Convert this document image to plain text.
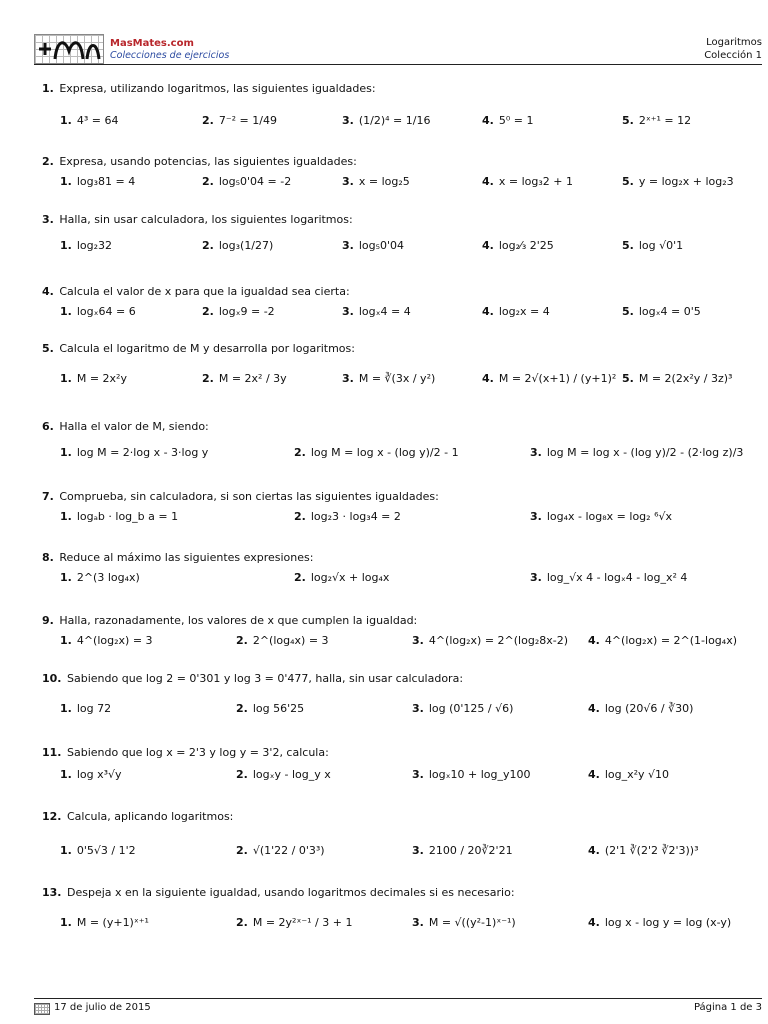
MasMates.com
Colecciones de ejercicios
Logaritmos
Colección 1
1. Expresa, utilizando logaritmos, las siguientes igualdades:
1. 4³ = 64	2. 7⁻² = 1/49	3. (1/2)⁴ = 1/16	4. 5⁰ = 1	5. 2ˣ⁺¹ = 12
2. Expresa, usando potencias, las siguientes igualdades:
1. log₃81 = 4	2. log₅0'04 = -2	3. x = log₂5	4. x = log₃2 + 1	5. y = log₂x + log₂3
3. Halla, sin usar calculadora, los siguientes logaritmos:
1. log₂32	2. log₃(1/27)	3. log₅0'04	4. log₂⁄₃ 2'25	5. log √0'1
4. Calcula el valor de x para que la igualdad sea cierta:
1. logₓ64 = 6	2. logₓ9 = -2	3. logₓ4 = 4	4. log₂x = 4	5. logₓ4 = 0'5
5. Calcula el logaritmo de M y desarrolla por logaritmos:
1. M = 2x²y	2. M = 2x² / 3y	3. M = ∛(3x / y²)	4. M = 2√(x+1) / (y+1)² 5. M = 2(2x²y / 3z)³
6. Halla el valor de M, siendo:
1. log M = 2·log x - 3·log y	2. log M = log x - (log y)/2 - 1	3. log M = log x - (log y)/2 - (2·log z)/3
7. Comprueba, sin calculadora, si son ciertas las siguientes igualdades:
1. logₐb · log_b a = 1	2. log₂3 · log₃4 = 2	3. log₄x - log₈x = log₂ ⁶√x
8. Reduce al máximo las siguientes expresiones:
1. 2^(3 log₄x)	2. log₂√x + log₄x	3. log_√x 4 - logₓ4 - log_x² 4
9. Halla, razonadamente, los valores de x que cumplen la igualdad:
1. 4^(log₂x) = 3	2. 2^(log₄x) = 3	3. 4^(log₂x) = 2^(log₂8x-2) 4. 4^(log₂x) = 2^(1-log₄x)
10. Sabiendo que log 2 = 0'301 y log 3 = 0'477, halla, sin usar calculadora:
1. log 72	2. log 56'25	3. log (0'125 / √6)	4. log (20√6 / ∛30)
11. Sabiendo que log x = 2'3 y log y = 3'2, calcula:
1. log x³√y	2. logₓy - log_y x	3. logₓ10 + log_y100	4. log_x²y √10
12. Calcula, aplicando logaritmos:
1. 0'5√3 / 1'2	2. √(1'22 / 0'3³)	3. 2100 / 20∛2'21	4. (2'1 ∛(2'2 ∛2'3))³
13. Despeja x en la siguiente igualdad, usando logaritmos decimales si es necesario:
1. M = (y+1)ˣ⁺¹	2. M = 2y²ˣ⁻¹ / 3 + 1	3. M = √((y²-1)ˣ⁻¹)	4. log x - log y = log (x-y)
17 de julio de 2015	Página 1 de 3
